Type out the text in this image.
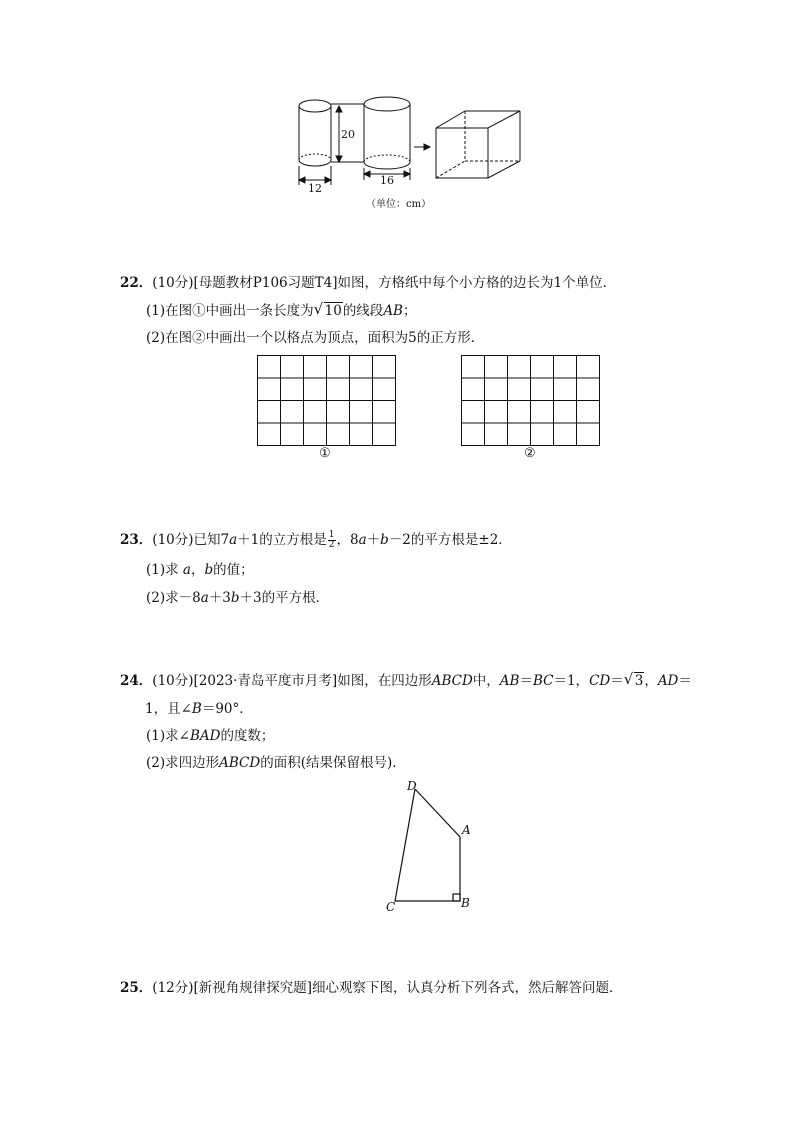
20
12
16
（单位：cm）
22．(10分)[母题教材P106习题T4]如图，方格纸中每个小方格的边长为1个单位．
(1)在图①中画出一条长度为 √ 10的线段AB；
(2)在图②中画出一个以格点为顶点，面积为5的正方形．
①	②
23．(10分)已知7a＋1的立方根是 $\frac{1}{2}$ ，8a＋b－2的平方根是±2．
(1)求 a，b的值；
(2)求－8a＋3b＋3的平方根．
24．(10分)[2023·青岛平度市月考]如图，在四边形ABCD中，AB＝BC＝1，CD＝ √ 3，AD＝
1，且∠B＝90°．
(1)求∠BAD的度数；
(2)求四边形ABCD的面积(结果保留根号)．
D
A
C	B
25．(12分)[新视角规律探究题]细心观察下图，认真分析下列各式，然后解答问题．
